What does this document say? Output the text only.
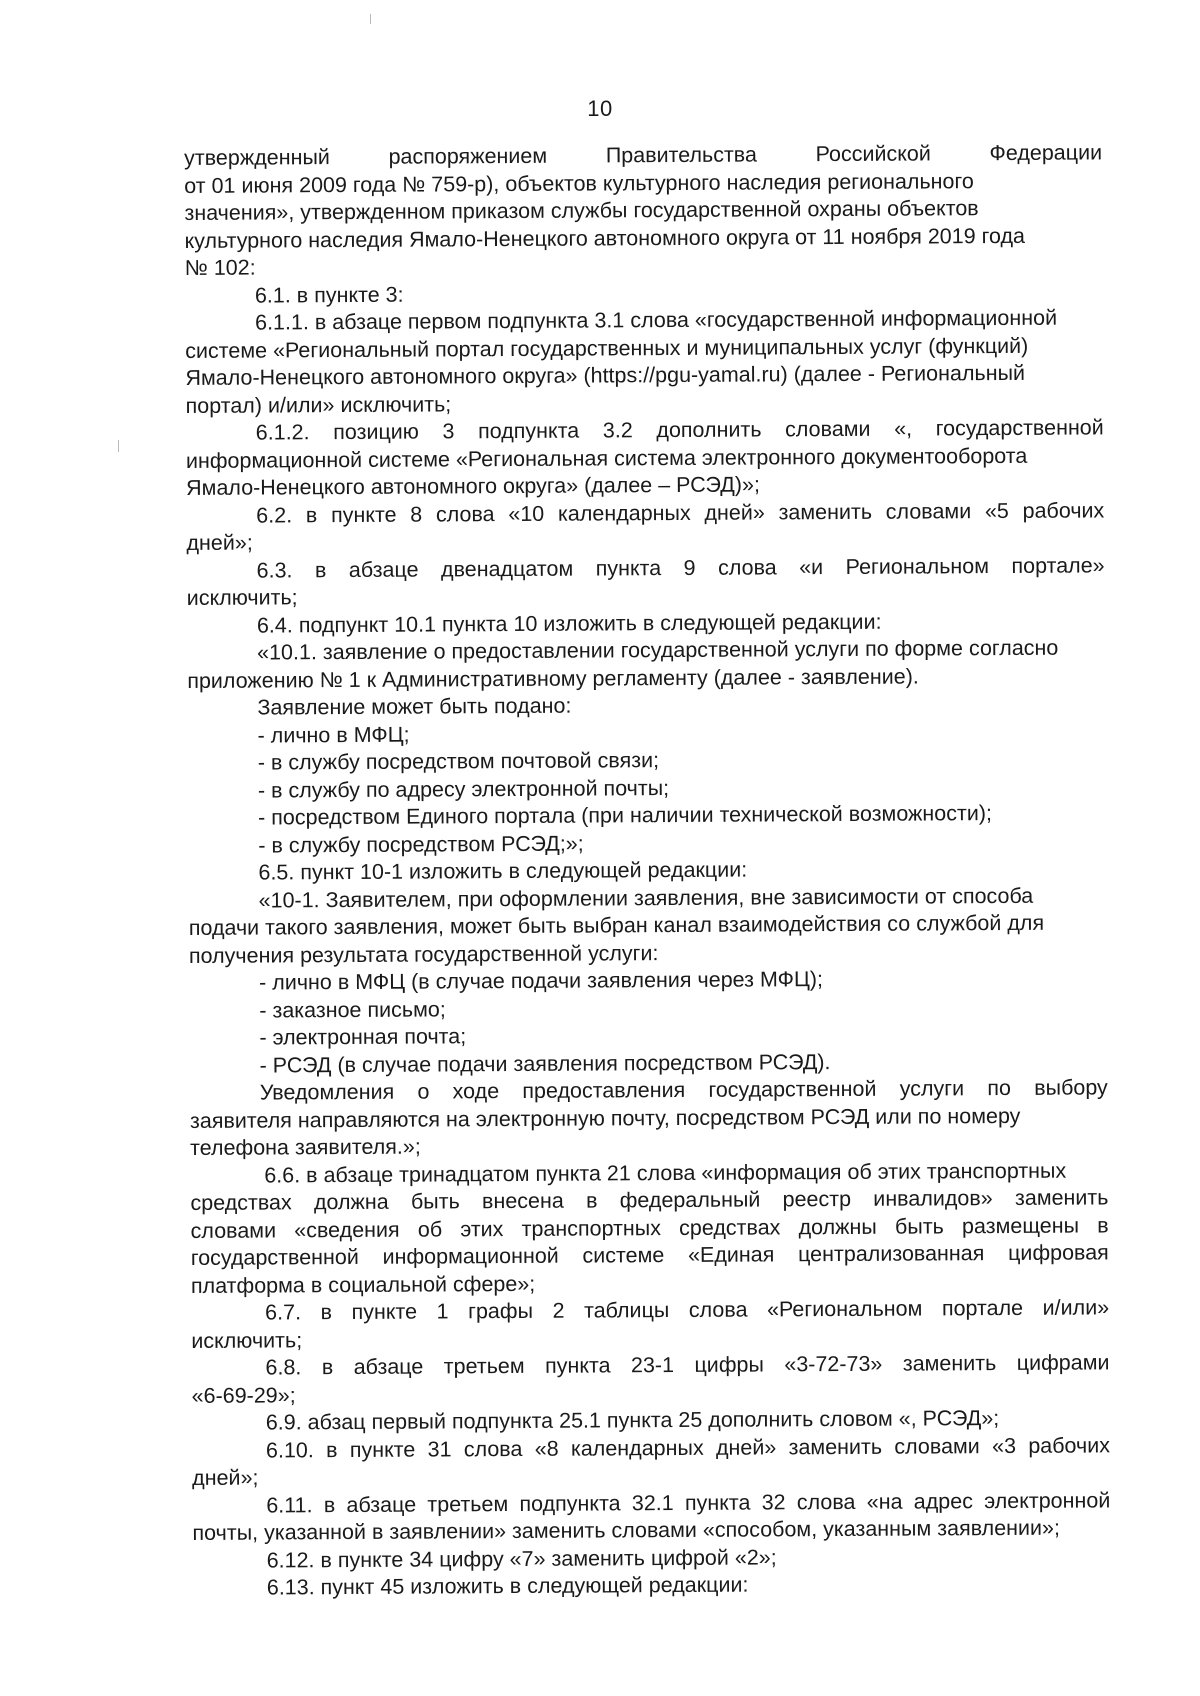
10
утвержденный распоряжением Правительства Российской Федерации
от 01 июня 2009 года № 759-р), объектов культурного наследия регионального
значения», утвержденном приказом службы государственной охраны объектов
культурного наследия Ямало-Ненецкого автономного округа от 11 ноября 2019 года
№ 102:
6.1. в пункте 3:
6.1.1. в абзаце первом подпункта 3.1 слова «государственной информационной
системе «Региональный портал государственных и муниципальных услуг (функций)
Ямало-Ненецкого автономного округа» (https://pgu-yamal.ru) (далее - Региональный
портал) и/или» исключить;
6.1.2. позицию 3 подпункта 3.2 дополнить словами «, государственной
информационной системе «Региональная система электронного документооборота
Ямало-Ненецкого автономного округа» (далее – РСЭД)»;
6.2. в пункте 8 слова «10 календарных дней» заменить словами «5 рабочих
дней»;
6.3. в абзаце двенадцатом пункта 9 слова «и Региональном портале»
исключить;
6.4. подпункт 10.1 пункта 10 изложить в следующей редакции:
«10.1. заявление о предоставлении государственной услуги по форме согласно
приложению № 1 к Административному регламенту (далее - заявление).
Заявление может быть подано:
- лично в МФЦ;
- в службу посредством почтовой связи;
- в службу по адресу электронной почты;
- посредством Единого портала (при наличии технической возможности);
- в службу посредством РСЭД;»;
6.5. пункт 10-1 изложить в следующей редакции:
«10-1. Заявителем, при оформлении заявления, вне зависимости от способа
подачи такого заявления, может быть выбран канал взаимодействия со службой для
получения результата государственной услуги:
- лично в МФЦ (в случае подачи заявления через МФЦ);
- заказное письмо;
- электронная почта;
- РСЭД (в случае подачи заявления посредством РСЭД).
Уведомления о ходе предоставления государственной услуги по выбору
заявителя направляются на электронную почту, посредством РСЭД или по номеру
телефона заявителя.»;
6.6. в абзаце тринадцатом пункта 21 слова «информация об этих транспортных
средствах должна быть внесена в федеральный реестр инвалидов» заменить
словами «сведения об этих транспортных средствах должны быть размещены в
государственной информационной системе «Единая централизованная цифровая
платформа в социальной сфере»;
6.7. в пункте 1 графы 2 таблицы слова «Региональном портале и/или»
исключить;
6.8. в абзаце третьем пункта 23-1 цифры «3-72-73» заменить цифрами
«6-69-29»;
6.9. абзац первый подпункта 25.1 пункта 25 дополнить словом «, РСЭД»;
6.10. в пункте 31 слова «8 календарных дней» заменить словами «3 рабочих
дней»;
6.11. в абзаце третьем подпункта 32.1 пункта 32 слова «на адрес электронной
почты, указанной в заявлении» заменить словами «способом, указанным заявлении»;
6.12. в пункте 34 цифру «7» заменить цифрой «2»;
6.13. пункт 45 изложить в следующей редакции:
